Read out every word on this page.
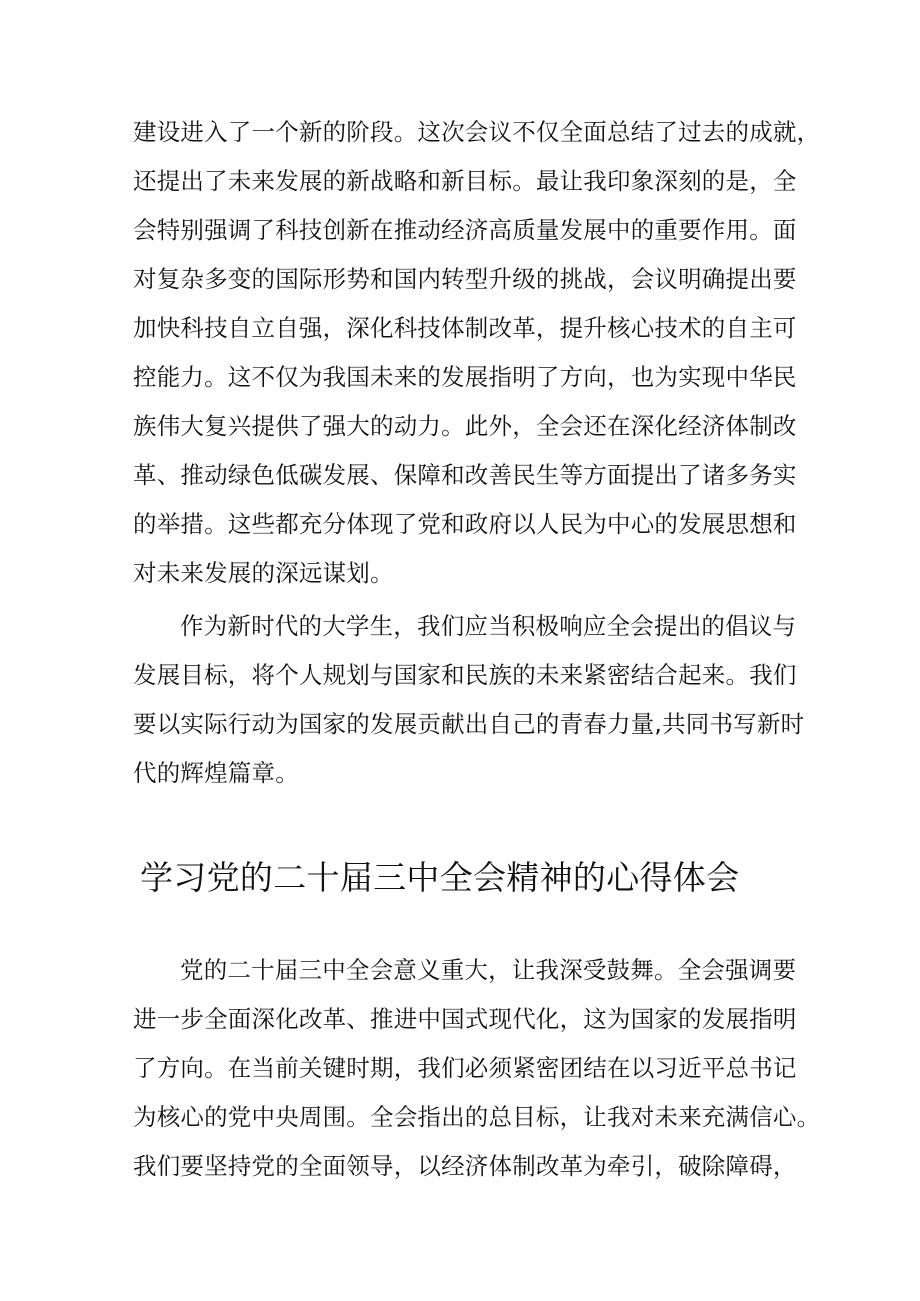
建设进入了一个新的阶段。这次会议不仅全面总结了过去的成就，
还提出了未来发展的新战略和新目标。最让我印象深刻的是，全
会特别强调了科技创新在推动经济高质量发展中的重要作用。面
对复杂多变的国际形势和国内转型升级的挑战，会议明确提出要
加快科技自立自强，深化科技体制改革，提升核心技术的自主可
控能力。这不仅为我国未来的发展指明了方向，也为实现中华民
族伟大复兴提供了强大的动力。此外，全会还在深化经济体制改
革、推动绿色低碳发展、保障和改善民生等方面提出了诸多务实
的举措。这些都充分体现了党和政府以人民为中心的发展思想和
对未来发展的深远谋划。
作为新时代的大学生，我们应当积极响应全会提出的倡议与
发展目标，将个人规划与国家和民族的未来紧密结合起来。我们
要以实际行动为国家的发展贡献出自己的青春力量,共同书写新时
代的辉煌篇章。
学习党的二十届三中全会精神的心得体会
党的二十届三中全会意义重大，让我深受鼓舞。全会强调要
进一步全面深化改革、推进中国式现代化，这为国家的发展指明
了方向。在当前关键时期，我们必须紧密团结在以习近平总书记
为核心的党中央周围。全会指出的总目标，让我对未来充满信心。
我们要坚持党的全面领导，以经济体制改革为牵引，破除障碍，
